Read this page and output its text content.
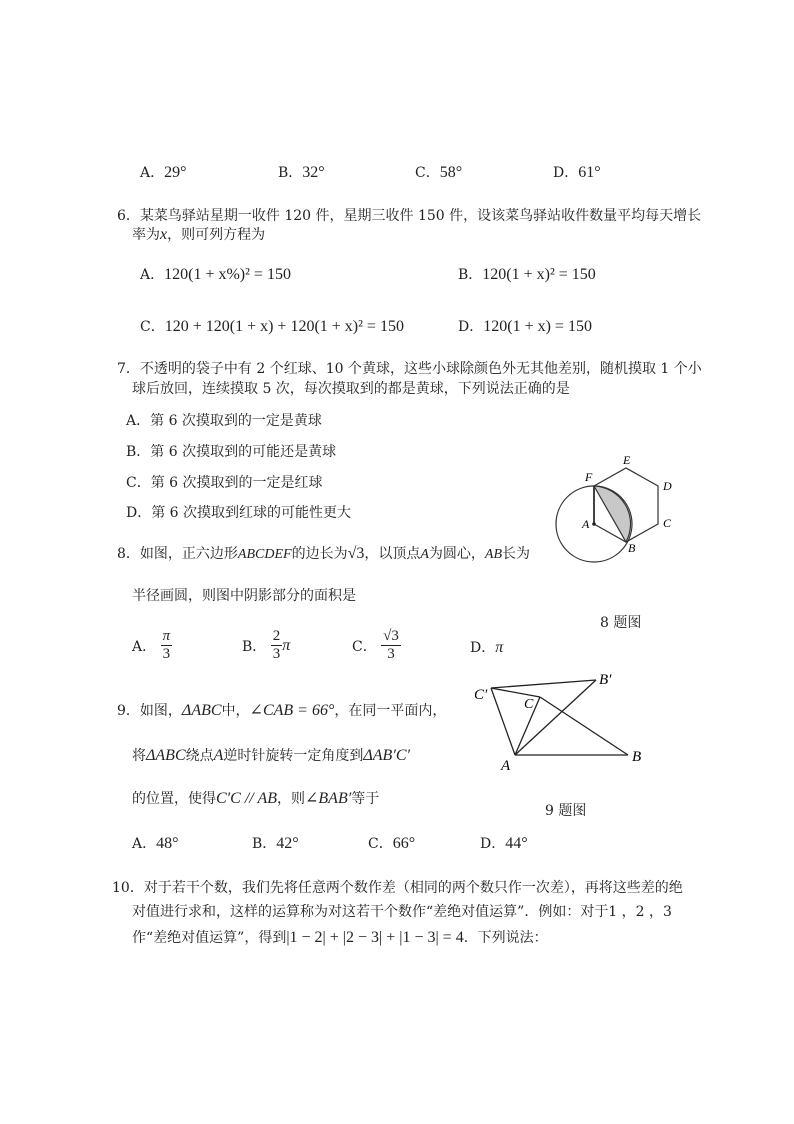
A．29°	B．32°	C．58°	D．61°
6．某菜鸟驿站星期一收件 120 件，星期三收件 150 件，设该菜鸟驿站收件数量平均每天增长
率为x，则可列方程为
A．120(1 + x%)² = 150	B．120(1 + x)² = 150
C．120 + 120(1 + x) + 120(1 + x)² = 150	D．120(1 + x) = 150
7．不透明的袋子中有 2 个红球、10 个黄球，这些小球除颜色外无其他差别，随机摸取 1 个小
球后放回，连续摸取 5 次，每次摸取到的都是黄球，下列说法正确的是
A．第 6 次摸取到的一定是黄球
B．第 6 次摸取到的可能还是黄球
C．第 6 次摸取到的一定是红球
D．第 6 次摸取到红球的可能性更大
F
E
D
C
B
A
8．如图，正六边形ABCDEF的边长为√3，以顶点A为圆心，AB长为
半径画圆，则图中阴影部分的面积是
8 题图
A． $\frac{\pi}{3}$	B． $\frac{2}{3}$ π	C． $\frac{√3}{3}$	D．π
C′
C
B′
A
B
9．如图，ΔABC中，∠CAB = 66°，在同一平面内，
将ΔABC绕点A逆时针旋转一定角度到ΔAB′C′
的位置，使得C′C // AB，则∠BAB′等于
9 题图
A．48°	B．42°	C．66°	D．44°
10．对于若干个数，我们先将任意两个数作差（相同的两个数只作一次差），再将这些差的绝
对值进行求和，这样的运算称为对这若干个数作“差绝对值运算”．例如：对于1 ，2 ，3
作“差绝对值运算”，得到|1 − 2| + |2 − 3| + |1 − 3| = 4．下列说法：
